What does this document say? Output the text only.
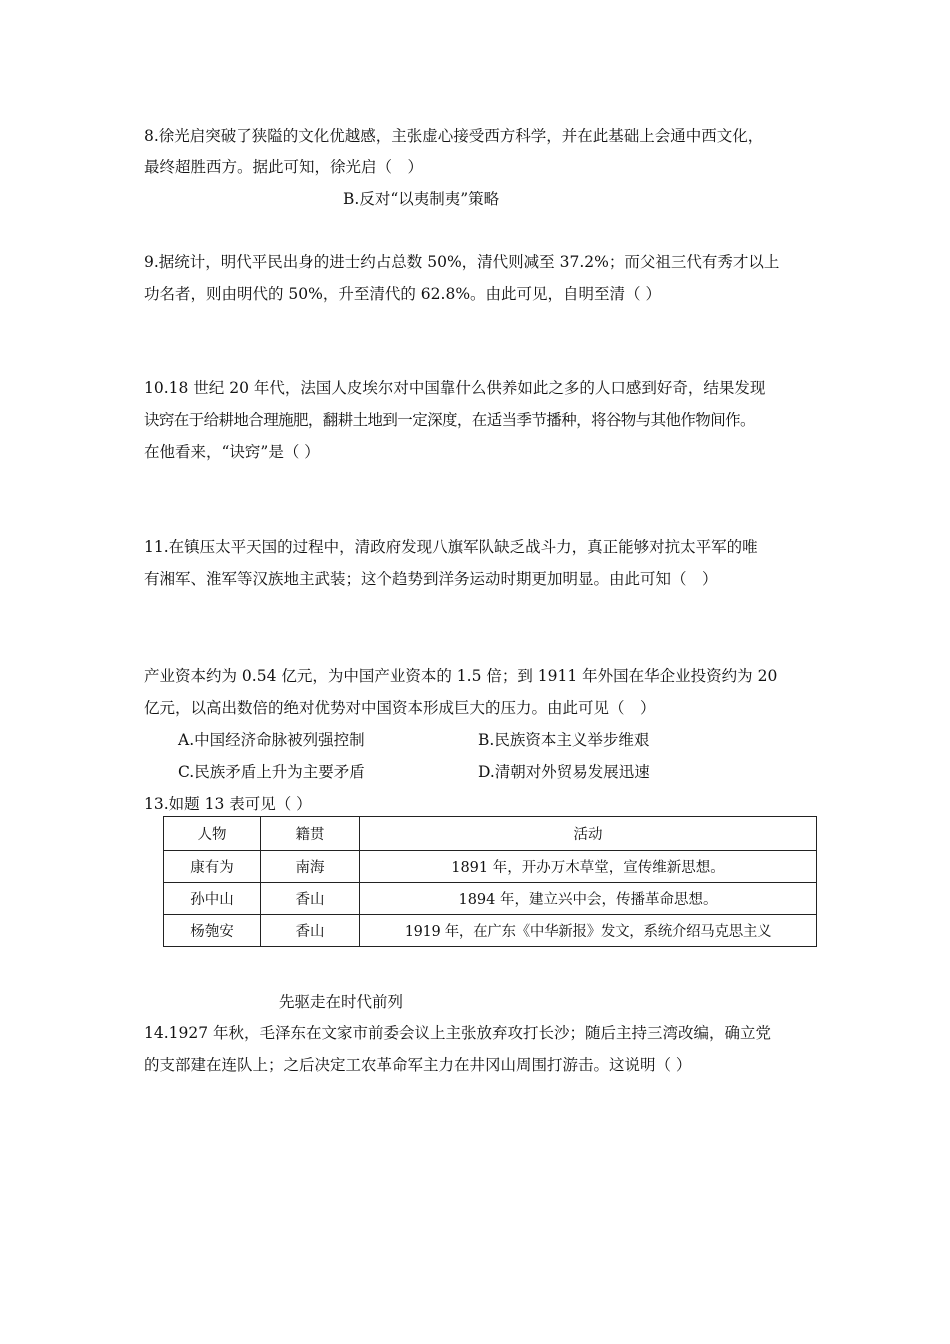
8.徐光启突破了狭隘的文化优越感，主张虚心接受西方科学，并在此基础上会通中西文化，
最终超胜西方。据此可知，徐光启（　）
B.反对“以夷制夷”策略
9.据统计，明代平民出身的进士约占总数 50%，清代则减至 37.2%；而父祖三代有秀才以上
功名者，则由明代的 50%，升至清代的 62.8%。由此可见，自明至清（ ）
10.18 世纪 20 年代，法国人皮埃尔对中国靠什么供养如此之多的人口感到好奇，结果发现
诀窍在于给耕地合理施肥，翻耕土地到一定深度，在适当季节播种，将谷物与其他作物间作。
在他看来，“诀窍”是（ ）
11.在镇压太平天国的过程中，清政府发现八旗军队缺乏战斗力，真正能够对抗太平军的唯
有湘军、淮军等汉族地主武装；这个趋势到洋务运动时期更加明显。由此可知（　）
产业资本约为 0.54 亿元，为中国产业资本的 1.5 倍；到 1911 年外国在华企业投资约为 20
亿元，以高出数倍的绝对优势对中国资本形成巨大的压力。由此可见（　）
A.中国经济命脉被列强控制	B.民族资本主义举步维艰
C.民族矛盾上升为主要矛盾	D.清朝对外贸易发展迅速
13.如题 13 表可见（ ）
人物	籍贯	活动
康有为	南海	1891 年，开办万木草堂，宣传维新思想。
孙中山	香山	1894 年，建立兴中会，传播革命思想。
杨匏安	香山	1919 年，在广东《中华新报》发文，系统介绍马克思主义
先驱走在时代前列
14.1927 年秋，毛泽东在文家市前委会议上主张放弃攻打长沙；随后主持三湾改编，确立党
的支部建在连队上；之后决定工农革命军主力在井冈山周围打游击。这说明（ ）
